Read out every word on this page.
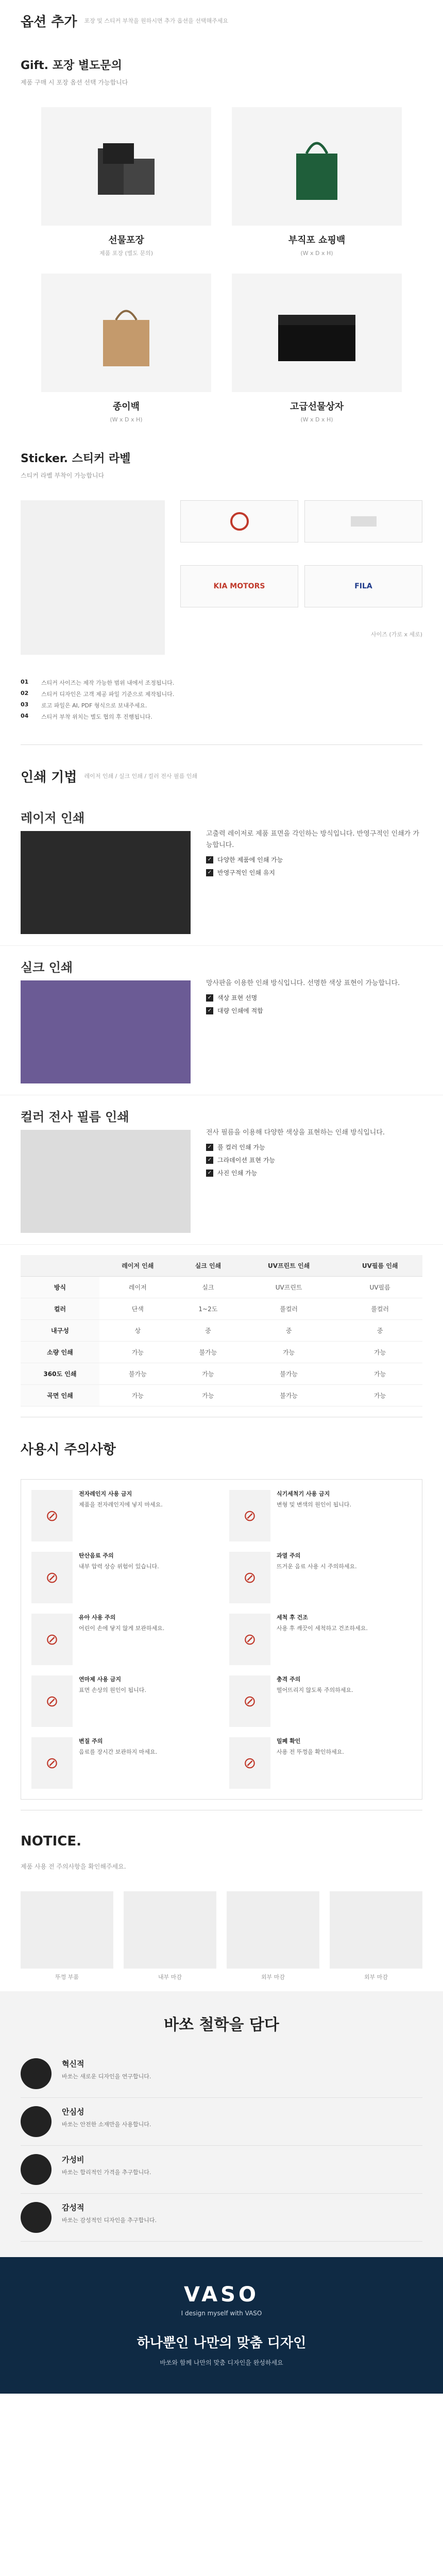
옵션 추가 포장 및 스티커 부착을 원하시면 추가 옵션을 선택해주세요
Gift. 포장 별도문의
제품 구매 시 포장 옵션 선택 가능합니다
선물포장
제품 포장 (별도 문의)
부직포 쇼핑백
(W x D x H)
종이백
(W x D x H)
고급선물상자
(W x D x H)
Sticker. 스티커 라벨
스티커 라벨 부착이 가능합니다
KIA MOTORS	FILA
사이즈 (가로 x 세로)
01	스티커 사이즈는 제작 가능한 범위 내에서 조정됩니다.
02	스티커 디자인은 고객 제공 파일 기준으로 제작됩니다.
03	로고 파일은 AI, PDF 형식으로 보내주세요.
04	스티커 부착 위치는 별도 협의 후 진행됩니다.
인쇄 기법 레이저 인쇄 / 실크 인쇄 / 컬러 전사 필름 인쇄
레이저 인쇄
고출력 레이저로 제품 표면을 각인하는 방식입니다. 반영구적인 인쇄가 가능합니다.
✓ 다양한 제품에 인쇄 가능
✓ 반영구적인 인쇄 유지
실크 인쇄
망사판을 이용한 인쇄 방식입니다. 선명한 색상 표현이 가능합니다.
✓ 색상 표현 선명
✓ 대량 인쇄에 적합
컬러 전사 필름 인쇄
전사 필름을 이용해 다양한 색상을 표현하는 인쇄 방식입니다.
✓ 풀 컬러 인쇄 가능
✓ 그라데이션 표현 가능
✓ 사진 인쇄 가능
	레이저 인쇄	실크 인쇄	UV프린트 인쇄	UV필름 인쇄
방식	레이저	실크	UV프린트	UV필름
컬러	단색	1~2도	풀컬러	풀컬러
내구성	상	중	중	중
소량 인쇄	가능	불가능	가능	가능
360도 인쇄	불가능	가능	불가능	가능
곡면 인쇄	가능	가능	불가능	가능
사용시 주의사항
⊘
전자레인지 사용 금지
제품을 전자레인지에 넣지 마세요.
⊘
식기세척기 사용 금지
변형 및 변색의 원인이 됩니다.
⊘
탄산음료 주의
내부 압력 상승 위험이 있습니다.
⊘
과열 주의
뜨거운 음료 사용 시 주의하세요.
⊘
유아 사용 주의
어린이 손에 닿지 않게 보관하세요.
⊘
세척 후 건조
사용 후 깨끗이 세척하고 건조하세요.
⊘
연마제 사용 금지
표면 손상의 원인이 됩니다.
⊘
충격 주의
떨어뜨리지 않도록 주의하세요.
⊘
변질 주의
음료를 장시간 보관하지 마세요.
⊘
밀폐 확인
사용 전 뚜껑을 확인하세요.
NOTICE.
제품 사용 전 주의사항을 확인해주세요.
뚜껑 부품	내부 마감	외부 마감	외부 마감
바쏘 철학을 담다
혁신적

바쏘는 새로운 디자인을 연구합니다.

안심성

바쏘는 안전한 소재만을 사용합니다.

가성비

바쏘는 합리적인 가격을 추구합니다.

감성적

바쏘는 감성적인 디자인을 추구합니다.

VASO
I design myself with VASO
하나뿐인 나만의 맞춤 디자인
바쏘와 함께 나만의 맞춤 디자인을 완성하세요
